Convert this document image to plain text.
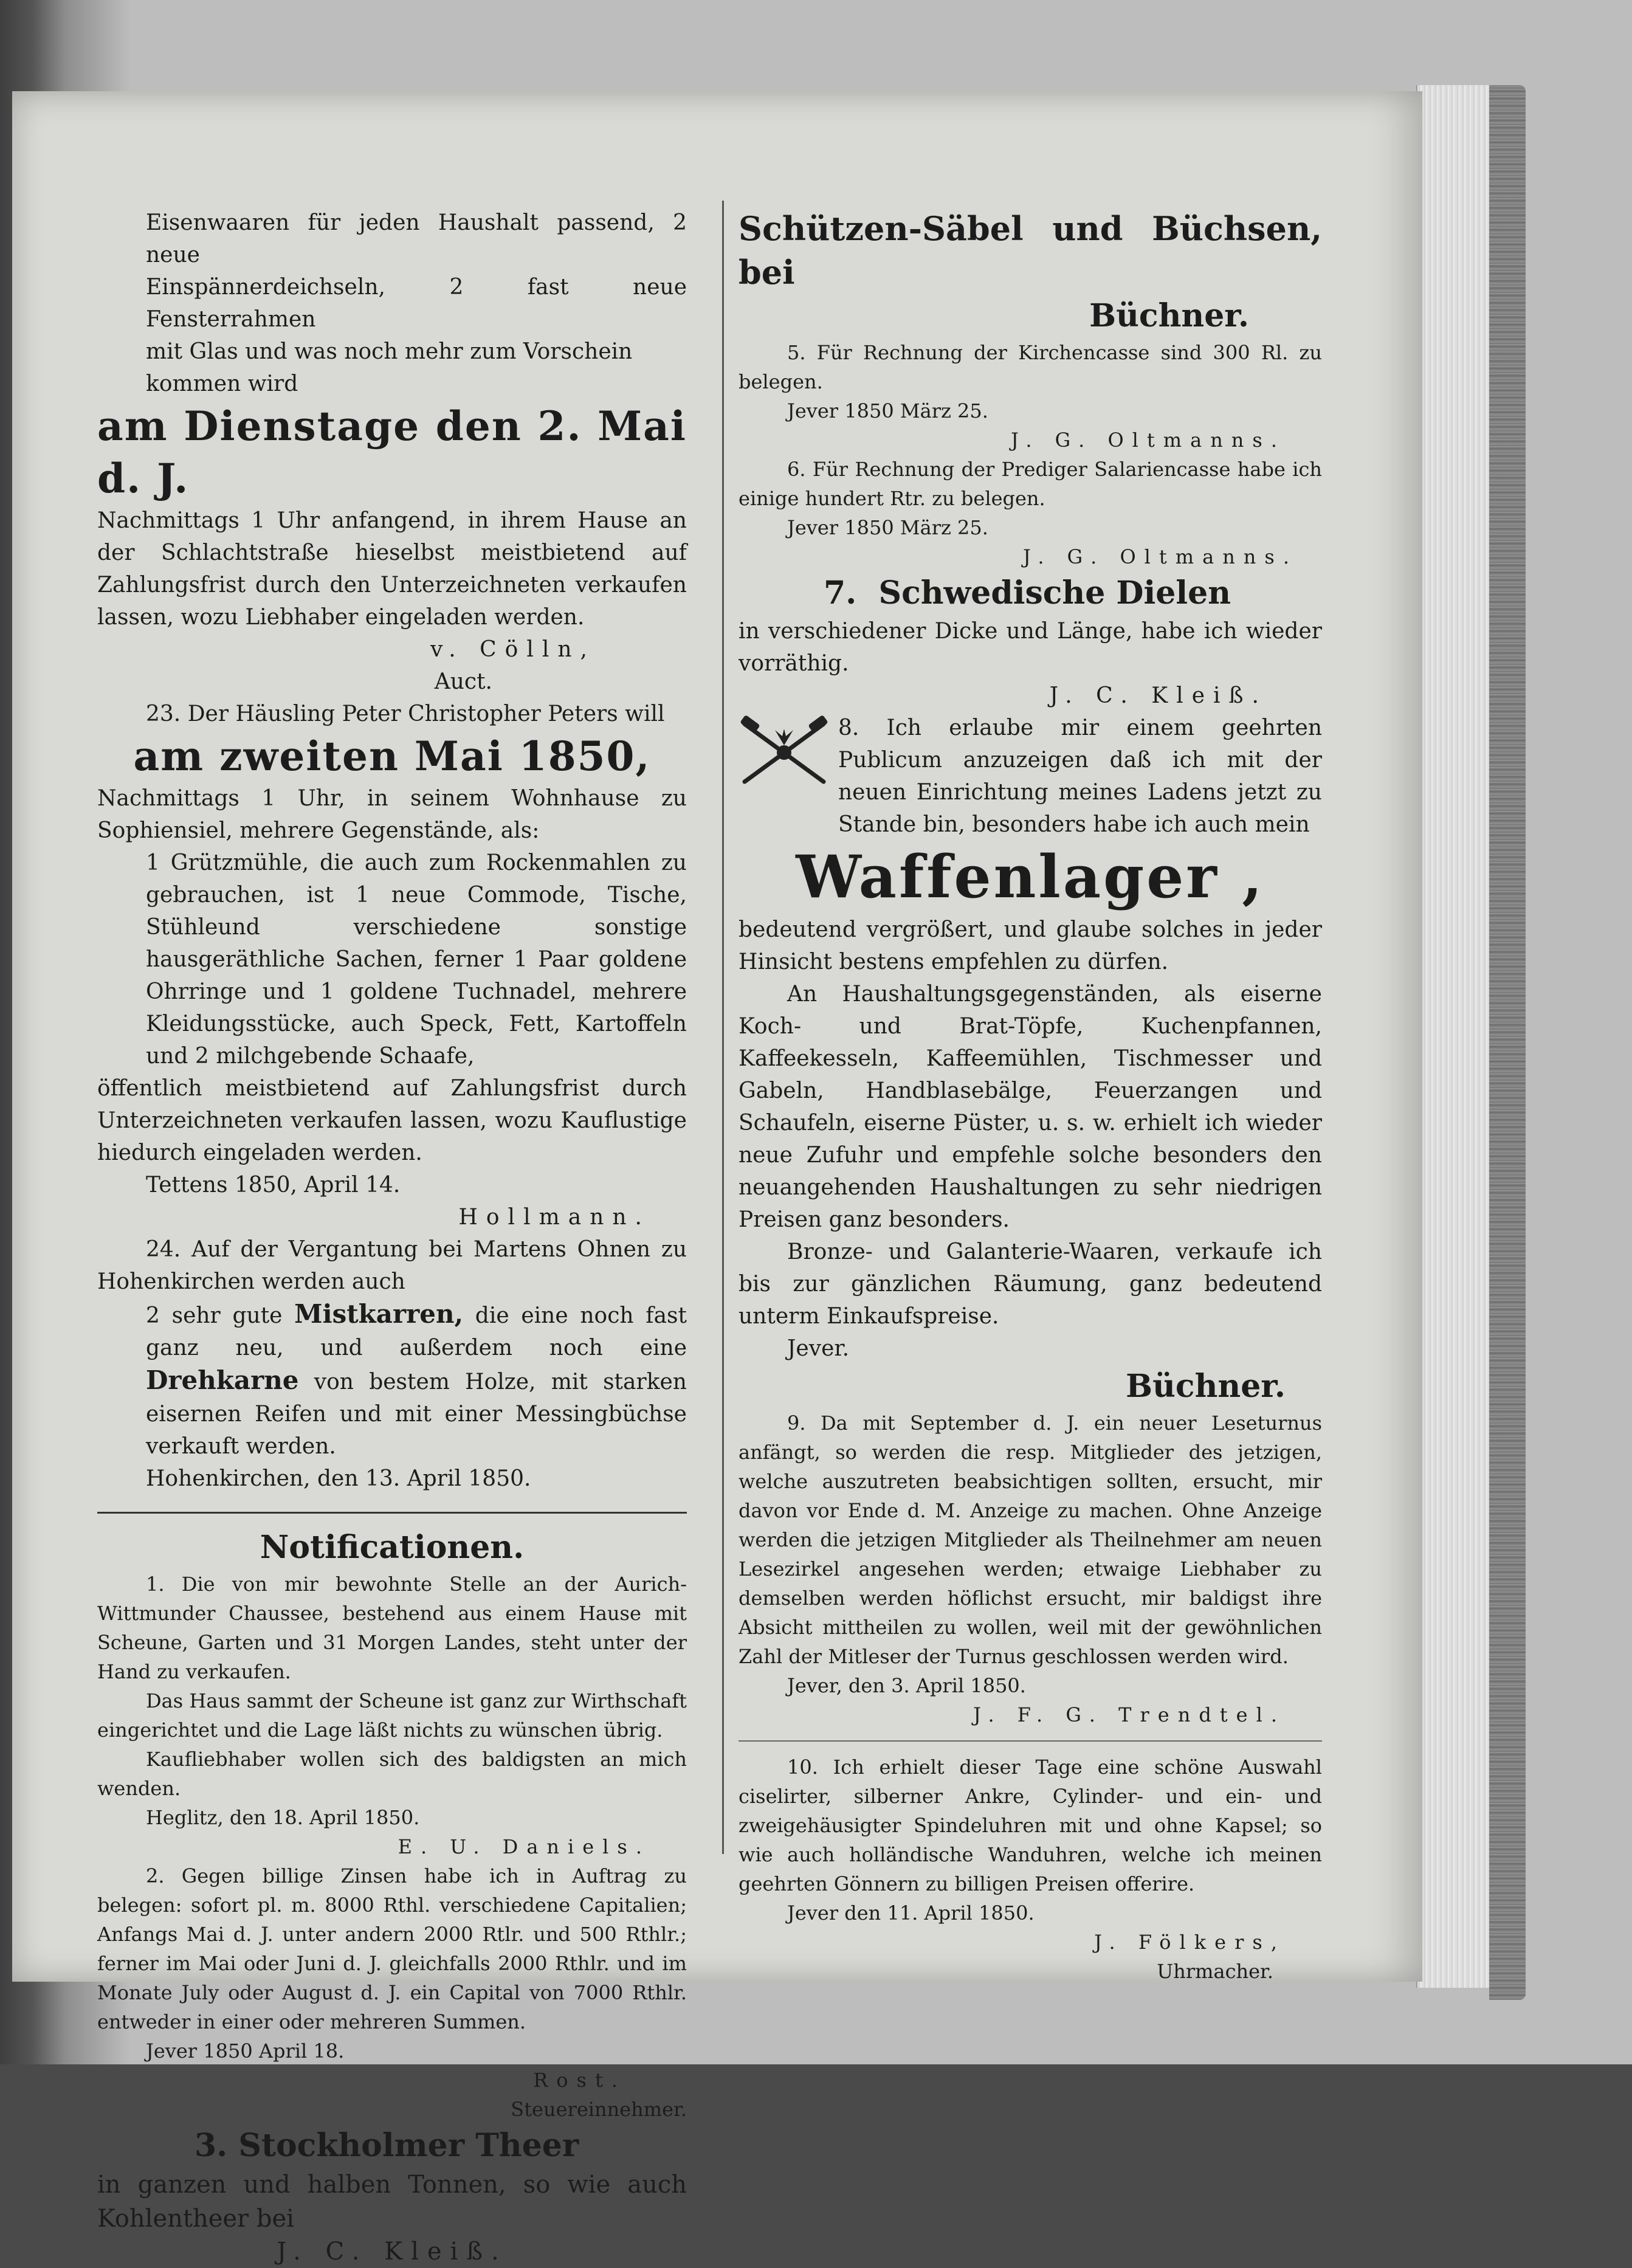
Eisenwaaren für jeden Haushalt passend, 2 neue

Einspännerdeichseln, 2 fast neue Fensterrahmen

mit Glas und was noch mehr zum Vorschein

kommen wird

am Dienstage den 2. Mai d. J.

Nachmittags 1 Uhr anfangend, in ihrem Hause an der Schlachtstraße hieselbst meistbietend auf Zahlungsfrist durch den Unterzeichneten verkaufen lassen, wozu Liebhaber eingeladen werden.

v. Cölln,

Auct.

23. Der Häusling Peter Christopher Peters will

am zweiten Mai 1850,

Nachmittags 1 Uhr, in seinem Wohnhause zu Sophiensiel, mehrere Gegenstände, als:

1 Grützmühle, die auch zum Rockenmahlen zu gebrauchen, ist 1 neue Commode, Tische, Stühleund verschiedene sonstige hausgeräthliche Sachen, ferner 1 Paar goldene Ohrringe und 1 goldene Tuchnadel, mehrere Kleidungsstücke, auch Speck, Fett, Kartoffeln und 2 milchgebende Schaafe,

öffentlich meistbietend auf Zahlungsfrist durch Unterzeichneten verkaufen lassen, wozu Kauflustige hiedurch eingeladen werden.

Tettens 1850, April 14.

Hollmann.

24. Auf der Vergantung bei Martens Ohnen zu Hohenkirchen werden auch

2 sehr gute Mistkarren, die eine noch fast ganz neu, und außerdem noch eine Drehkarne von bestem Holze, mit starken eisernen Reifen und mit einer Messingbüchse verkauft werden.

Hohenkirchen, den 13. April 1850.

Notificationen.

1. Die von mir bewohnte Stelle an der Aurich-Wittmunder Chaussee, bestehend aus einem Hause mit Scheune, Garten und 31 Morgen Landes, steht unter der Hand zu verkaufen.

Das Haus sammt der Scheune ist ganz zur Wirthschaft eingerichtet und die Lage läßt nichts zu wünschen übrig.

Kaufliebhaber wollen sich des baldigsten an mich wenden.

Heglitz, den 18. April 1850.

E. U. Daniels.

2. Gegen billige Zinsen habe ich in Auftrag zu belegen: sofort pl. m. 8000 Rthl. verschiedene Capitalien; Anfangs Mai d. J. unter andern 2000 Rtlr. und 500 Rthlr.; ferner im Mai oder Juni d. J. gleichfalls 2000 Rthlr. und im Monate July oder August d. J. ein Capital von 7000 Rthlr. entweder in einer oder mehreren Summen.

Jever 1850 April 18.

Rost.

Steuereinnehmer.

3. Stockholmer Theer

in ganzen und halben Tonnen, so wie auch Kohlentheer bei

J. C. Kleiß.

Schützen-Säbel und Büchsen, bei

Büchner.

5. Für Rechnung der Kirchencasse sind 300 Rl. zu belegen.

Jever 1850 März 25.

J. G. Oltmanns.

6. Für Rechnung der Prediger Salariencasse habe ich einige hundert Rtr. zu belegen.

Jever 1850 März 25.

J. G. Oltmanns.

7. Schwedische Dielen

in verschiedener Dicke und Länge, habe ich wieder vorräthig.

J. C. Kleiß.

8. Ich erlaube mir einem geehrten Publicum anzuzeigen daß ich mit der neuen Einrichtung meines Ladens jetzt zu Stande bin, besonders habe ich auch mein

Waffenlager ,

bedeutend vergrößert, und glaube solches in jeder Hinsicht bestens empfehlen zu dürfen.

An Haushaltungsgegenständen, als eiserne Koch- und Brat-Töpfe, Kuchenpfannen, Kaffeekesseln, Kaffeemühlen, Tischmesser und Gabeln, Handblasebälge, Feuerzangen und Schaufeln, eiserne Püster, u. s. w. erhielt ich wieder neue Zufuhr und empfehle solche besonders den neuangehenden Haushaltungen zu sehr niedrigen Preisen ganz besonders.

Bronze- und Galanterie-Waaren, verkaufe ich bis zur gänzlichen Räumung, ganz bedeutend unterm Einkaufspreise.

Jever.

Büchner.

9. Da mit September d. J. ein neuer Leseturnus anfängt, so werden die resp. Mitglieder des jetzigen, welche auszutreten beabsichtigen sollten, ersucht, mir davon vor Ende d. M. Anzeige zu machen. Ohne Anzeige werden die jetzigen Mitglieder als Theilnehmer am neuen Lesezirkel angesehen werden; etwaige Liebhaber zu demselben werden höflichst ersucht, mir baldigst ihre Absicht mittheilen zu wollen, weil mit der gewöhnlichen Zahl der Mitleser der Turnus geschlossen werden wird.

Jever, den 3. April 1850.

J. F. G. Trendtel.

10. Ich erhielt dieser Tage eine schöne Auswahl ciselirter, silberner Ankre, Cylinder- und ein- und zweigehäusigter Spindeluhren mit und ohne Kapsel; so wie auch holländische Wanduhren, welche ich meinen geehrten Gönnern zu billigen Preisen offerire.

Jever den 11. April 1850.

J. Fölkers,

Uhrmacher.
